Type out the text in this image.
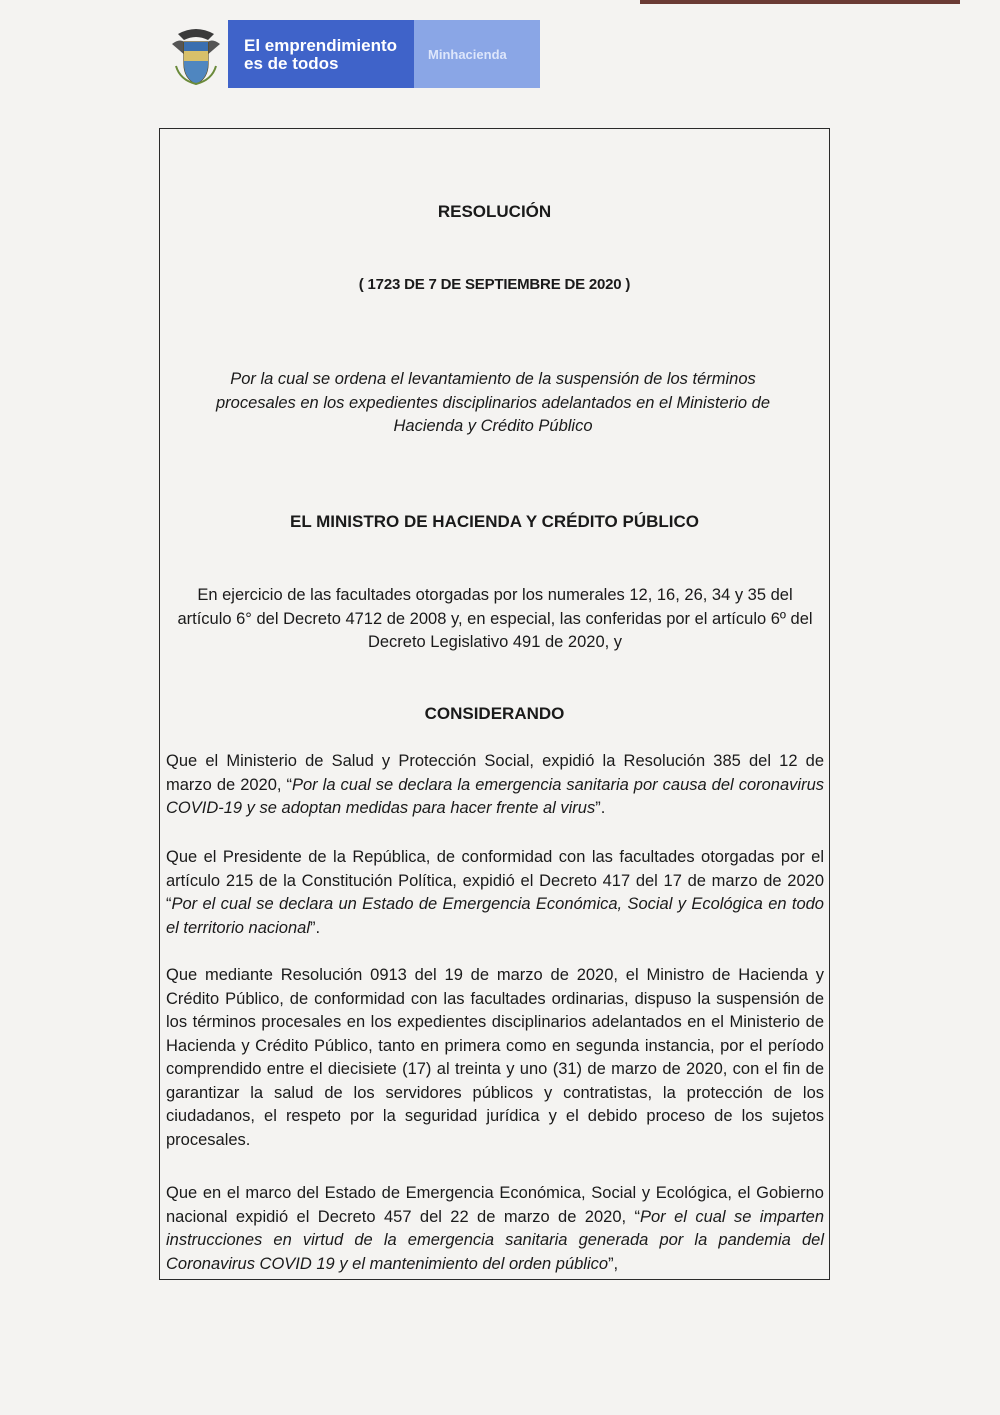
El emprendimiento
es de todos	Minhacienda
RESOLUCIÓN
( 1723 DE 7 DE SEPTIEMBRE DE 2020 )
Por la cual se ordena el levantamiento de la suspensión de los términos procesales en los expedientes disciplinarios adelantados en el Ministerio de Hacienda y Crédito Público
EL MINISTRO DE HACIENDA Y CRÉDITO PÚBLICO
En ejercicio de las facultades otorgadas por los numerales 12, 16, 26, 34 y 35 del artículo 6° del Decreto 4712 de 2008 y, en especial, las conferidas por el artículo 6º del Decreto Legislativo 491 de 2020, y
CONSIDERANDO

Que el Ministerio de Salud y Protección Social, expidió la Resolución 385 del 12 de marzo de 2020, “Por la cual se declara la emergencia sanitaria por causa del coronavirus COVID-19 y se adoptan medidas para hacer frente al virus”.

Que el Presidente de la República, de conformidad con las facultades otorgadas por el artículo 215 de la Constitución Política, expidió el Decreto 417 del 17 de marzo de 2020 “Por el cual se declara un Estado de Emergencia Económica, Social y Ecológica en todo el territorio nacional”.

Que mediante Resolución 0913 del 19 de marzo de 2020, el Ministro de Hacienda y Crédito Público, de conformidad con las facultades ordinarias, dispuso la suspensión de los términos procesales en los expedientes disciplinarios adelantados en el Ministerio de Hacienda y Crédito Público, tanto en primera como en segunda instancia, por el período comprendido entre el diecisiete (17) al treinta y uno (31) de marzo de 2020, con el fin de garantizar la salud de los servidores públicos y contratistas, la protección de los ciudadanos, el respeto por la seguridad jurídica y el debido proceso de los sujetos procesales.

Que en el marco del Estado de Emergencia Económica, Social y Ecológica, el Gobierno nacional expidió el Decreto 457 del 22 de marzo de 2020, “Por el cual se imparten instrucciones en virtud de la emergencia sanitaria generada por la pandemia del Coronavirus COVID 19 y el mantenimiento del orden público”,
